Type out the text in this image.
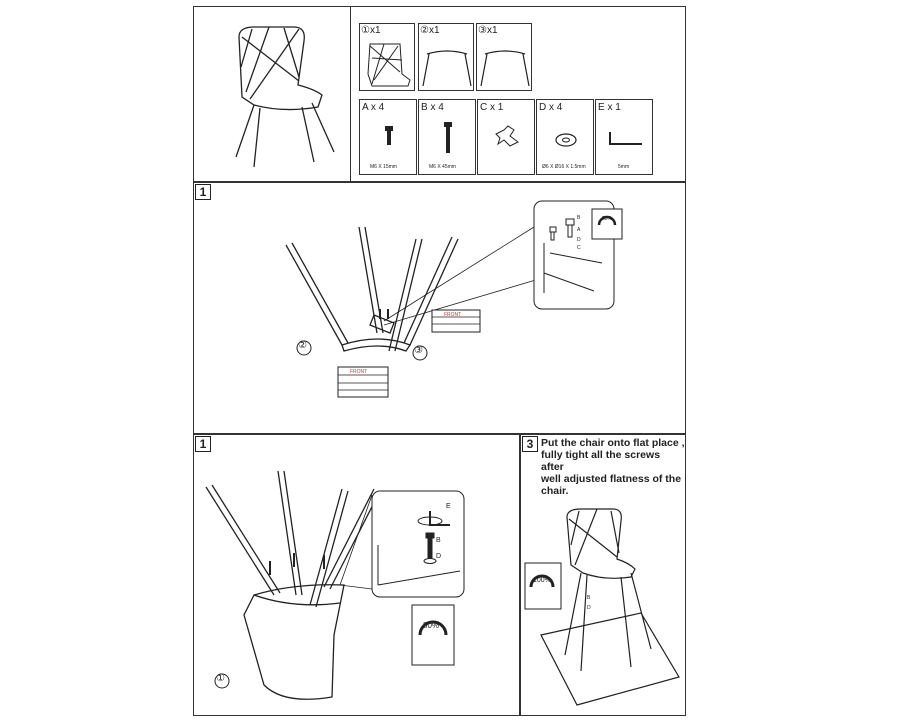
①x1	②x1	③x1
A x 4
M6 X 15mm
B x 4
M6 X 45mm
C x 1	D x 4
Ø6 X Ø16 X 1.5mm
E x 1
5mm
1
②	③
FRONT
FRONT
B
A
D
C
50%
1
①
E
B
D
80%
3 Put the chair onto flat place ,
fully tight all the screws after
well adjusted flatness of the
chair.
100%
B
D
